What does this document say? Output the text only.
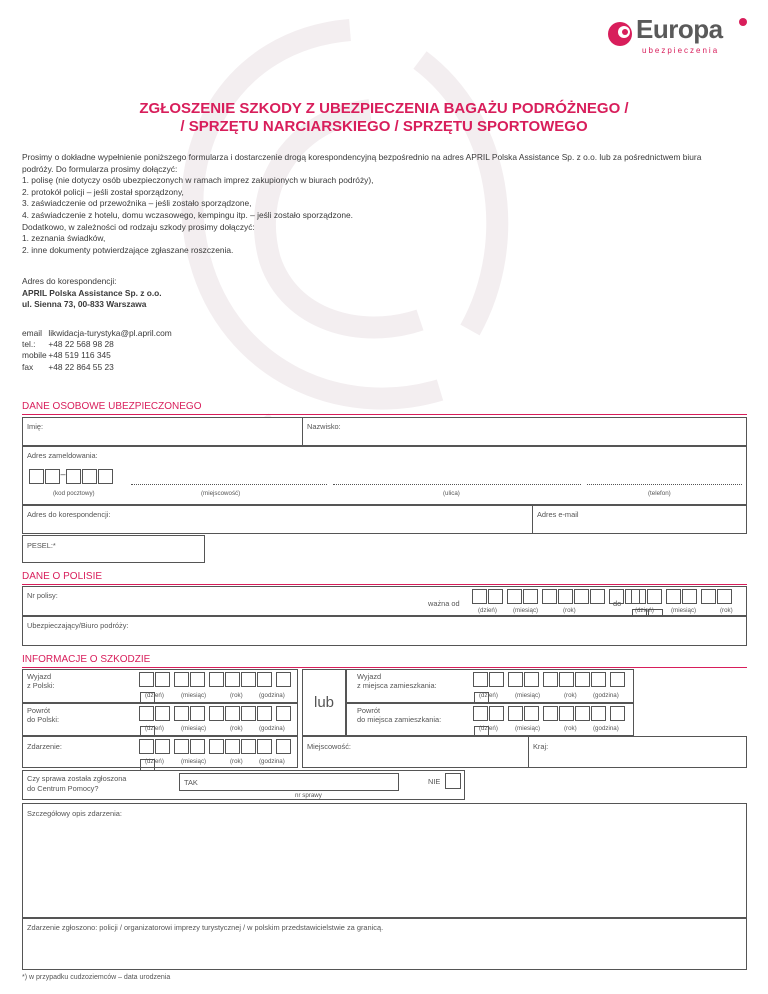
Europa
ubezpieczenia
ZGŁOSZENIE SZKODY Z UBEZPIECZENIA BAGAŻU PODRÓŻNEGO /
/ SPRZĘTU NARCIARSKIEGO / SPRZĘTU SPORTOWEGO
Prosimy o dokładne wypełnienie poniższego formularza i dostarczenie drogą korespondencyjną bezpośrednio na adres APRIL Polska Assistance Sp. z o.o. lub za pośrednictwem biura
podróży. Do formularza prosimy dołączyć:
1. polisę (nie dotyczy osób ubezpieczonych w ramach imprez zakupionych w biurach podróży),
2. protokół policji – jeśli został sporządzony,
3. zaświadczenie od przewoźnika – jeśli zostało sporządzone,
4. zaświadczenie z hotelu, domu wczasowego, kempingu itp. – jeśli zostało sporządzone.
Dodatkowo, w zależności od rodzaju szkody prosimy dołączyć:
1. zeznania świadków,
2. inne dokumenty potwierdzające zgłaszane roszczenia.
Adres do korespondencji:
APRIL Polska Assistance Sp. z o.o.
ul. Sienna 73, 00-833 Warszawa
email likwidacja-turystyka@pl.april.com
tel.: +48 22 568 98 28
mobile +48 519 116 345
fax +48 22 864 55 23
DANE OSOBOWE UBEZPIECZONEGO
Imię:	Nazwisko:
Adres zameldowania:
–
(kod pocztowy)	(miejscowość)	(ulica)	(telefon)
Adres do korespondencji:	Adres e-mail
PESEL:*
DANE O POLISIE
Nr polisy:
ważna od
(dzień)	(miesiąc)	(rok)
do
(dzień)	(miesiąc)	(rok)
Ubezpieczający/Biuro podróży:
INFORMACJE O SZKODZIE
Wyjazd
z Polski:
(dzień)	(miesiąc)	(rok)	(godzina)
Powrót
do Polski:
(dzień)	(miesiąc)	(rok)	(godzina)
lub
Wyjazd
z miejsca zamieszkania:
(dzień)	(miesiąc)	(rok)	(godzina)
Powrót
do miejsca zamieszkania:
(dzień)	(miesiąc)	(rok)	(godzina)
Zdarzenie:
(dzień)	(miesiąc)	(rok)	(godzina)
Miejscowość:	Kraj:
Czy sprawa została zgłoszona
do Centrum Pomocy?
TAK
nr sprawy
NIE
Szczegółowy opis zdarzenia:
Zdarzenie zgłoszono: policji / organizatorowi imprezy turystycznej / w polskim przedstawicielstwie za granicą.
*) w przypadku cudzoziemców – data urodzenia
